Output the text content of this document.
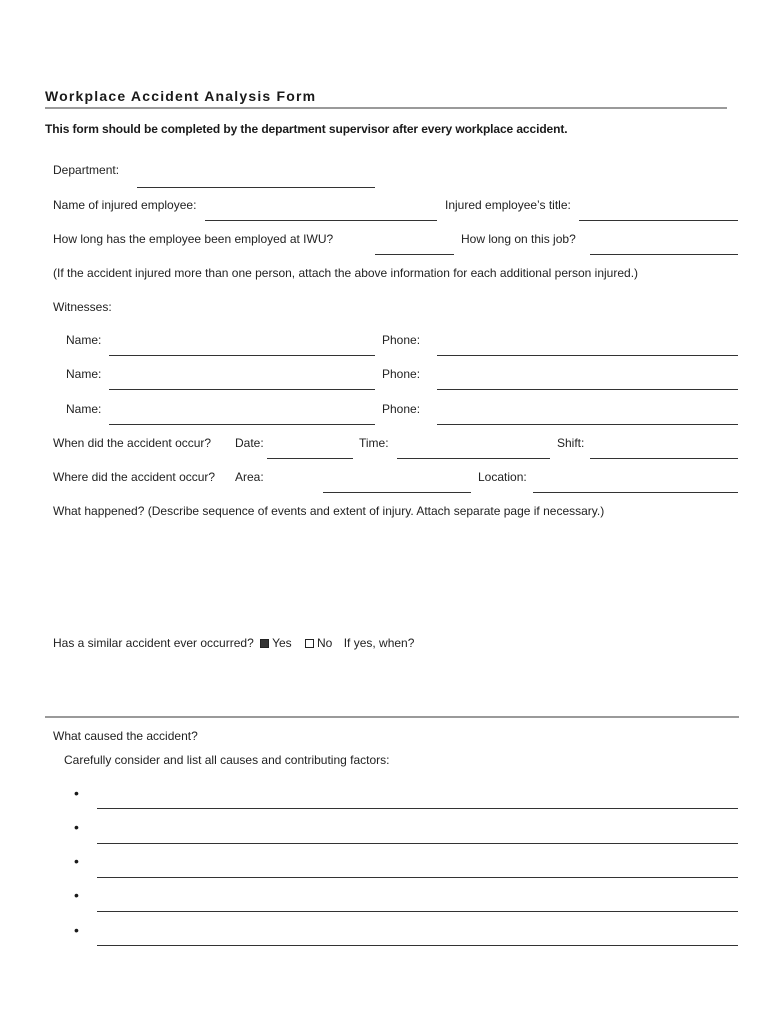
Workplace Accident Analysis Form
This form should be completed by the department supervisor after every workplace accident.
Department:
Name of injured employee:	Injured employee’s title:
How long has the employee been employed at IWU?	How long on this job?
(If the accident injured more than one person, attach the above information for each additional person injured.)
Witnesses:
Name:	Phone:
Name:	Phone:
Name:	Phone:
When did the accident occur? Date:	Time:	Shift:
Where did the accident occur? Area:	Location:
What happened? (Describe sequence of events and extent of injury. Attach separate page if necessary.)
Has a similar accident ever occurred? Yes No If yes, when?
What caused the accident?
Carefully consider and list all causes and contributing factors:
•
•
•
•
•
